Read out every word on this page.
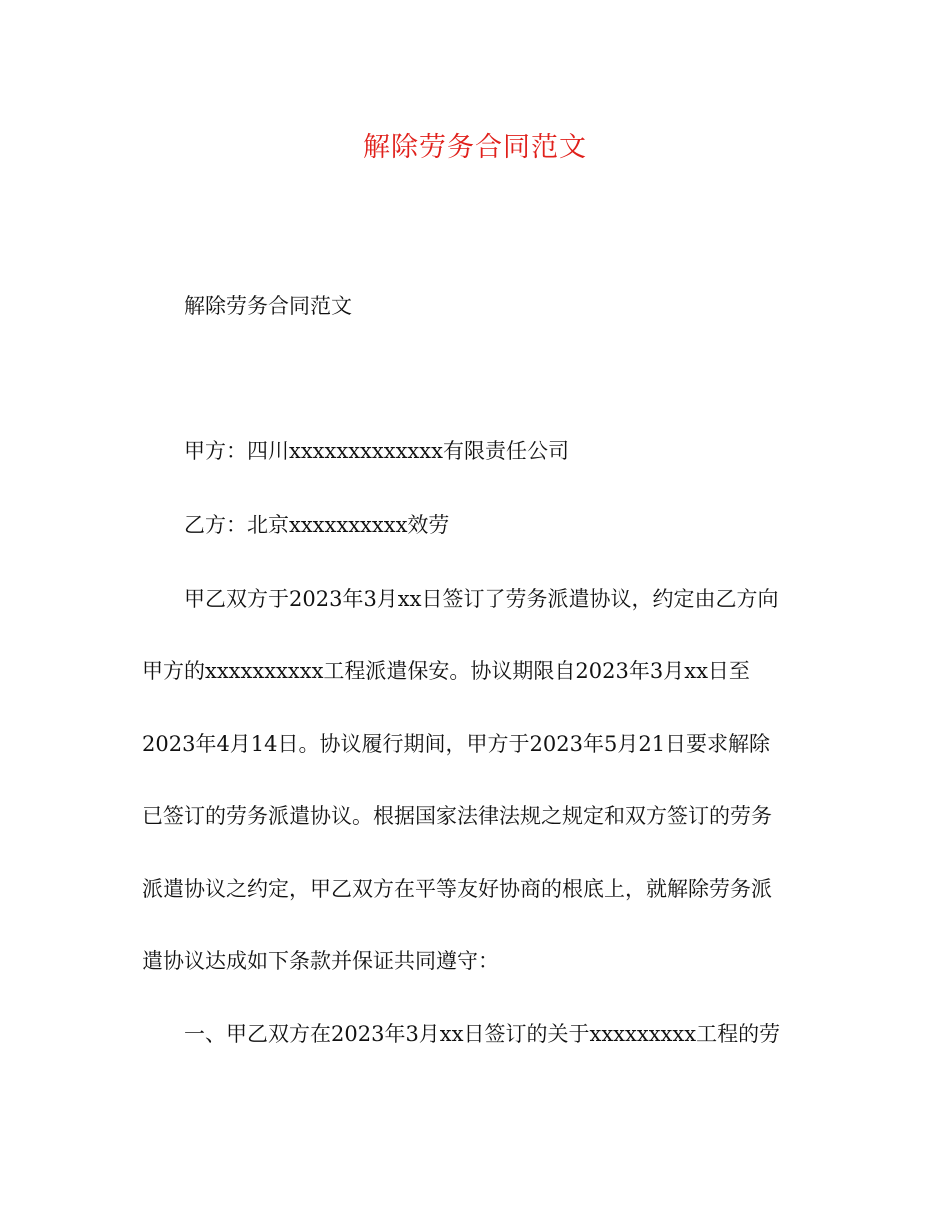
解除劳务合同范文
解除劳务合同范文
甲方：四川xxxxxxxxxxxxx有限责任公司
乙方：北京xxxxxxxxxx效劳
甲乙双方于2023年3月xx日签订了劳务派遣协议，约定由乙方向
甲方的xxxxxxxxxx工程派遣保安。协议期限自2023年3月xx日至
2023年4月14日。协议履行期间，甲方于2023年5月21日要求解除
已签订的劳务派遣协议。根据国家法律法规之规定和双方签订的劳务
派遣协议之约定，甲乙双方在平等友好协商的根底上，就解除劳务派
遣协议达成如下条款并保证共同遵守：
一、甲乙双方在2023年3月xx日签订的关于xxxxxxxxx工程的劳
